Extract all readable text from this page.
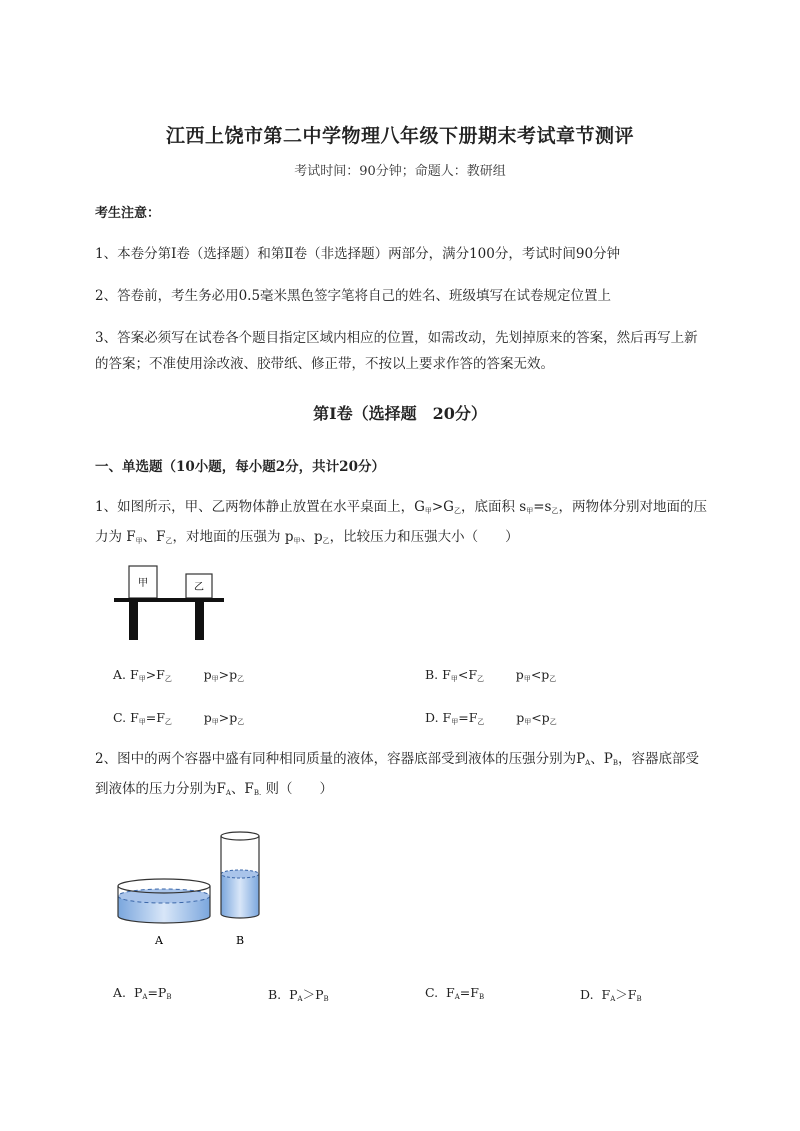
江西上饶市第二中学物理八年级下册期末考试章节测评
考试时间：90分钟；命题人：教研组
考生注意：
1、本卷分第I卷（选择题）和第Ⅱ卷（非选择题）两部分，满分100分，考试时间90分钟
2、答卷前，考生务必用0.5毫米黑色签字笔将自己的姓名、班级填写在试卷规定位置上
3、答案必须写在试卷各个题目指定区域内相应的位置，如需改动，先划掉原来的答案，然后再写上新的答案；不准使用涂改液、胶带纸、修正带，不按以上要求作答的答案无效。
第I卷（选择题　20分）
一、单选题（10小题，每小题2分，共计20分）
1、如图所示，甲、乙两物体静止放置在水平桌面上，$G_甲>G_乙$，底面积 $s_甲=s_乙$，两物体分别对地面的压力为 $F_甲$、$F_乙$，对地面的压强为 $p_甲$、$p_乙$，比较压力和压强大小（　　）
甲	乙
A. $F_甲>F_乙$	$p_甲>p_乙$	B. $F_甲<F_乙$	$p_甲<p_乙$
C. $F_甲=F_乙$	$p_甲>p_乙$	D. $F_甲=F_乙$	$p_甲<p_乙$
2、图中的两个容器中盛有同种相同质量的液体，容器底部受到液体的压强分别为$P_A$、$P_B$，容器底部受到液体的压力分别为$F_A$、$F_{B.}$ 则（　　）
A	B
A. $P_A=P_B$	B. $P_A>P_B$	C. $F_A=F_B$	D. $F_A>F_B$
